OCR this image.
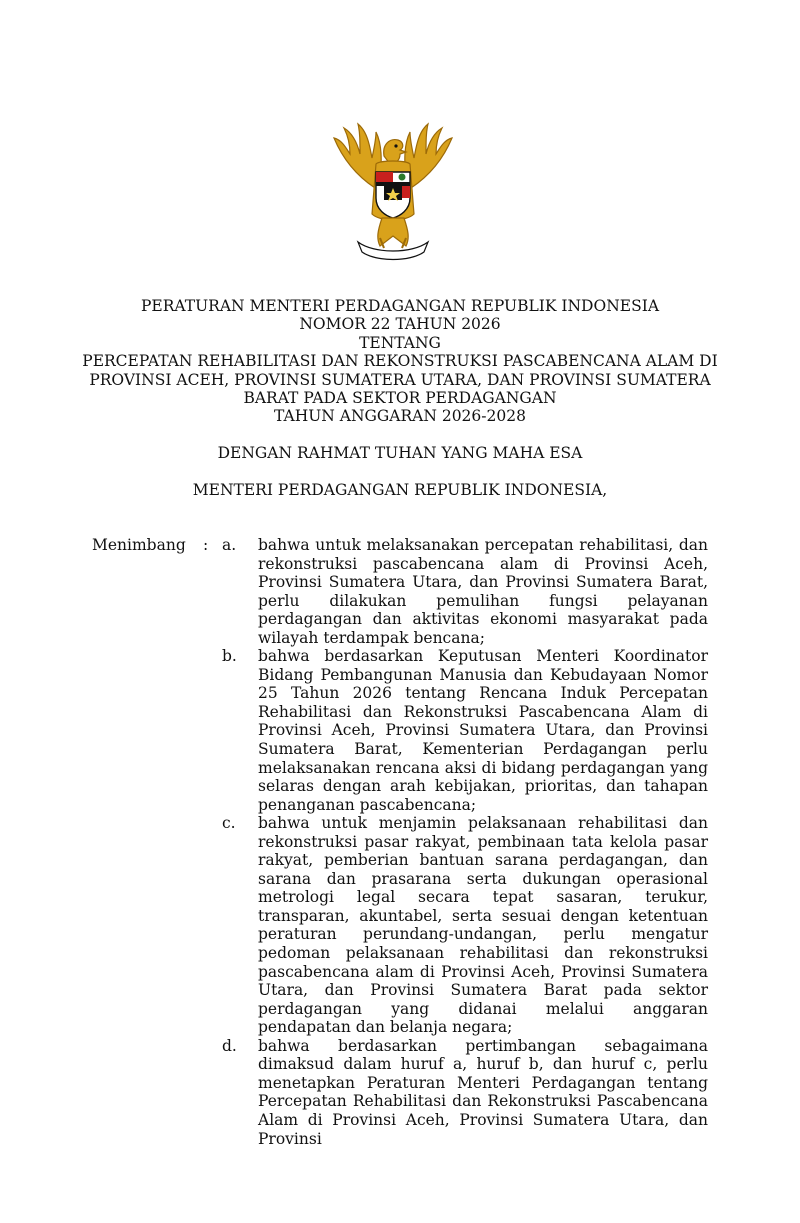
PERATURAN MENTERI PERDAGANGAN REPUBLIK INDONESIA
NOMOR 22 TAHUN 2026
TENTANG
PERCEPATAN REHABILITASI DAN REKONSTRUKSI PASCABENCANA ALAM DI
PROVINSI ACEH, PROVINSI SUMATERA UTARA, DAN PROVINSI SUMATERA
BARAT PADA SEKTOR PERDAGANGAN
TAHUN ANGGARAN 2026-2028
DENGAN RAHMAT TUHAN YANG MAHA ESA
MENTERI PERDAGANGAN REPUBLIK INDONESIA,
Menimbang : a.	bahwa untuk melaksanakan percepatan rehabilitasi, dan rekonstruksi pascabencana alam di Provinsi Aceh, Provinsi Sumatera Utara, dan Provinsi Sumatera Barat, perlu dilakukan pemulihan fungsi pelayanan perdagangan dan aktivitas ekonomi masyarakat pada wilayah terdampak bencana;
b.	bahwa berdasarkan Keputusan Menteri Koordinator Bidang Pembangunan Manusia dan Kebudayaan Nomor 25 Tahun 2026 tentang Rencana Induk Percepatan Rehabilitasi dan Rekonstruksi Pascabencana Alam di Provinsi Aceh, Provinsi Sumatera Utara, dan Provinsi Sumatera Barat, Kementerian Perdagangan perlu melaksanakan rencana aksi di bidang perdagangan yang selaras dengan arah kebijakan, prioritas, dan tahapan penanganan pascabencana;
c.	bahwa untuk menjamin pelaksanaan rehabilitasi dan rekonstruksi pasar rakyat, pembinaan tata kelola pasar rakyat, pemberian bantuan sarana perdagangan, dan sarana dan prasarana serta dukungan operasional metrologi legal secara tepat sasaran, terukur, transparan, akuntabel, serta sesuai dengan ketentuan peraturan perundang-undangan, perlu mengatur pedoman pelaksanaan rehabilitasi dan rekonstruksi pascabencana alam di Provinsi Aceh, Provinsi Sumatera Utara, dan Provinsi Sumatera Barat pada sektor perdagangan yang didanai melalui anggaran pendapatan dan belanja negara;
d.	bahwa berdasarkan pertimbangan sebagaimana dimaksud dalam huruf a, huruf b, dan huruf c, perlu menetapkan Peraturan Menteri Perdagangan tentang Percepatan Rehabilitasi dan Rekonstruksi Pascabencana Alam di Provinsi Aceh, Provinsi Sumatera Utara, dan Provinsi
